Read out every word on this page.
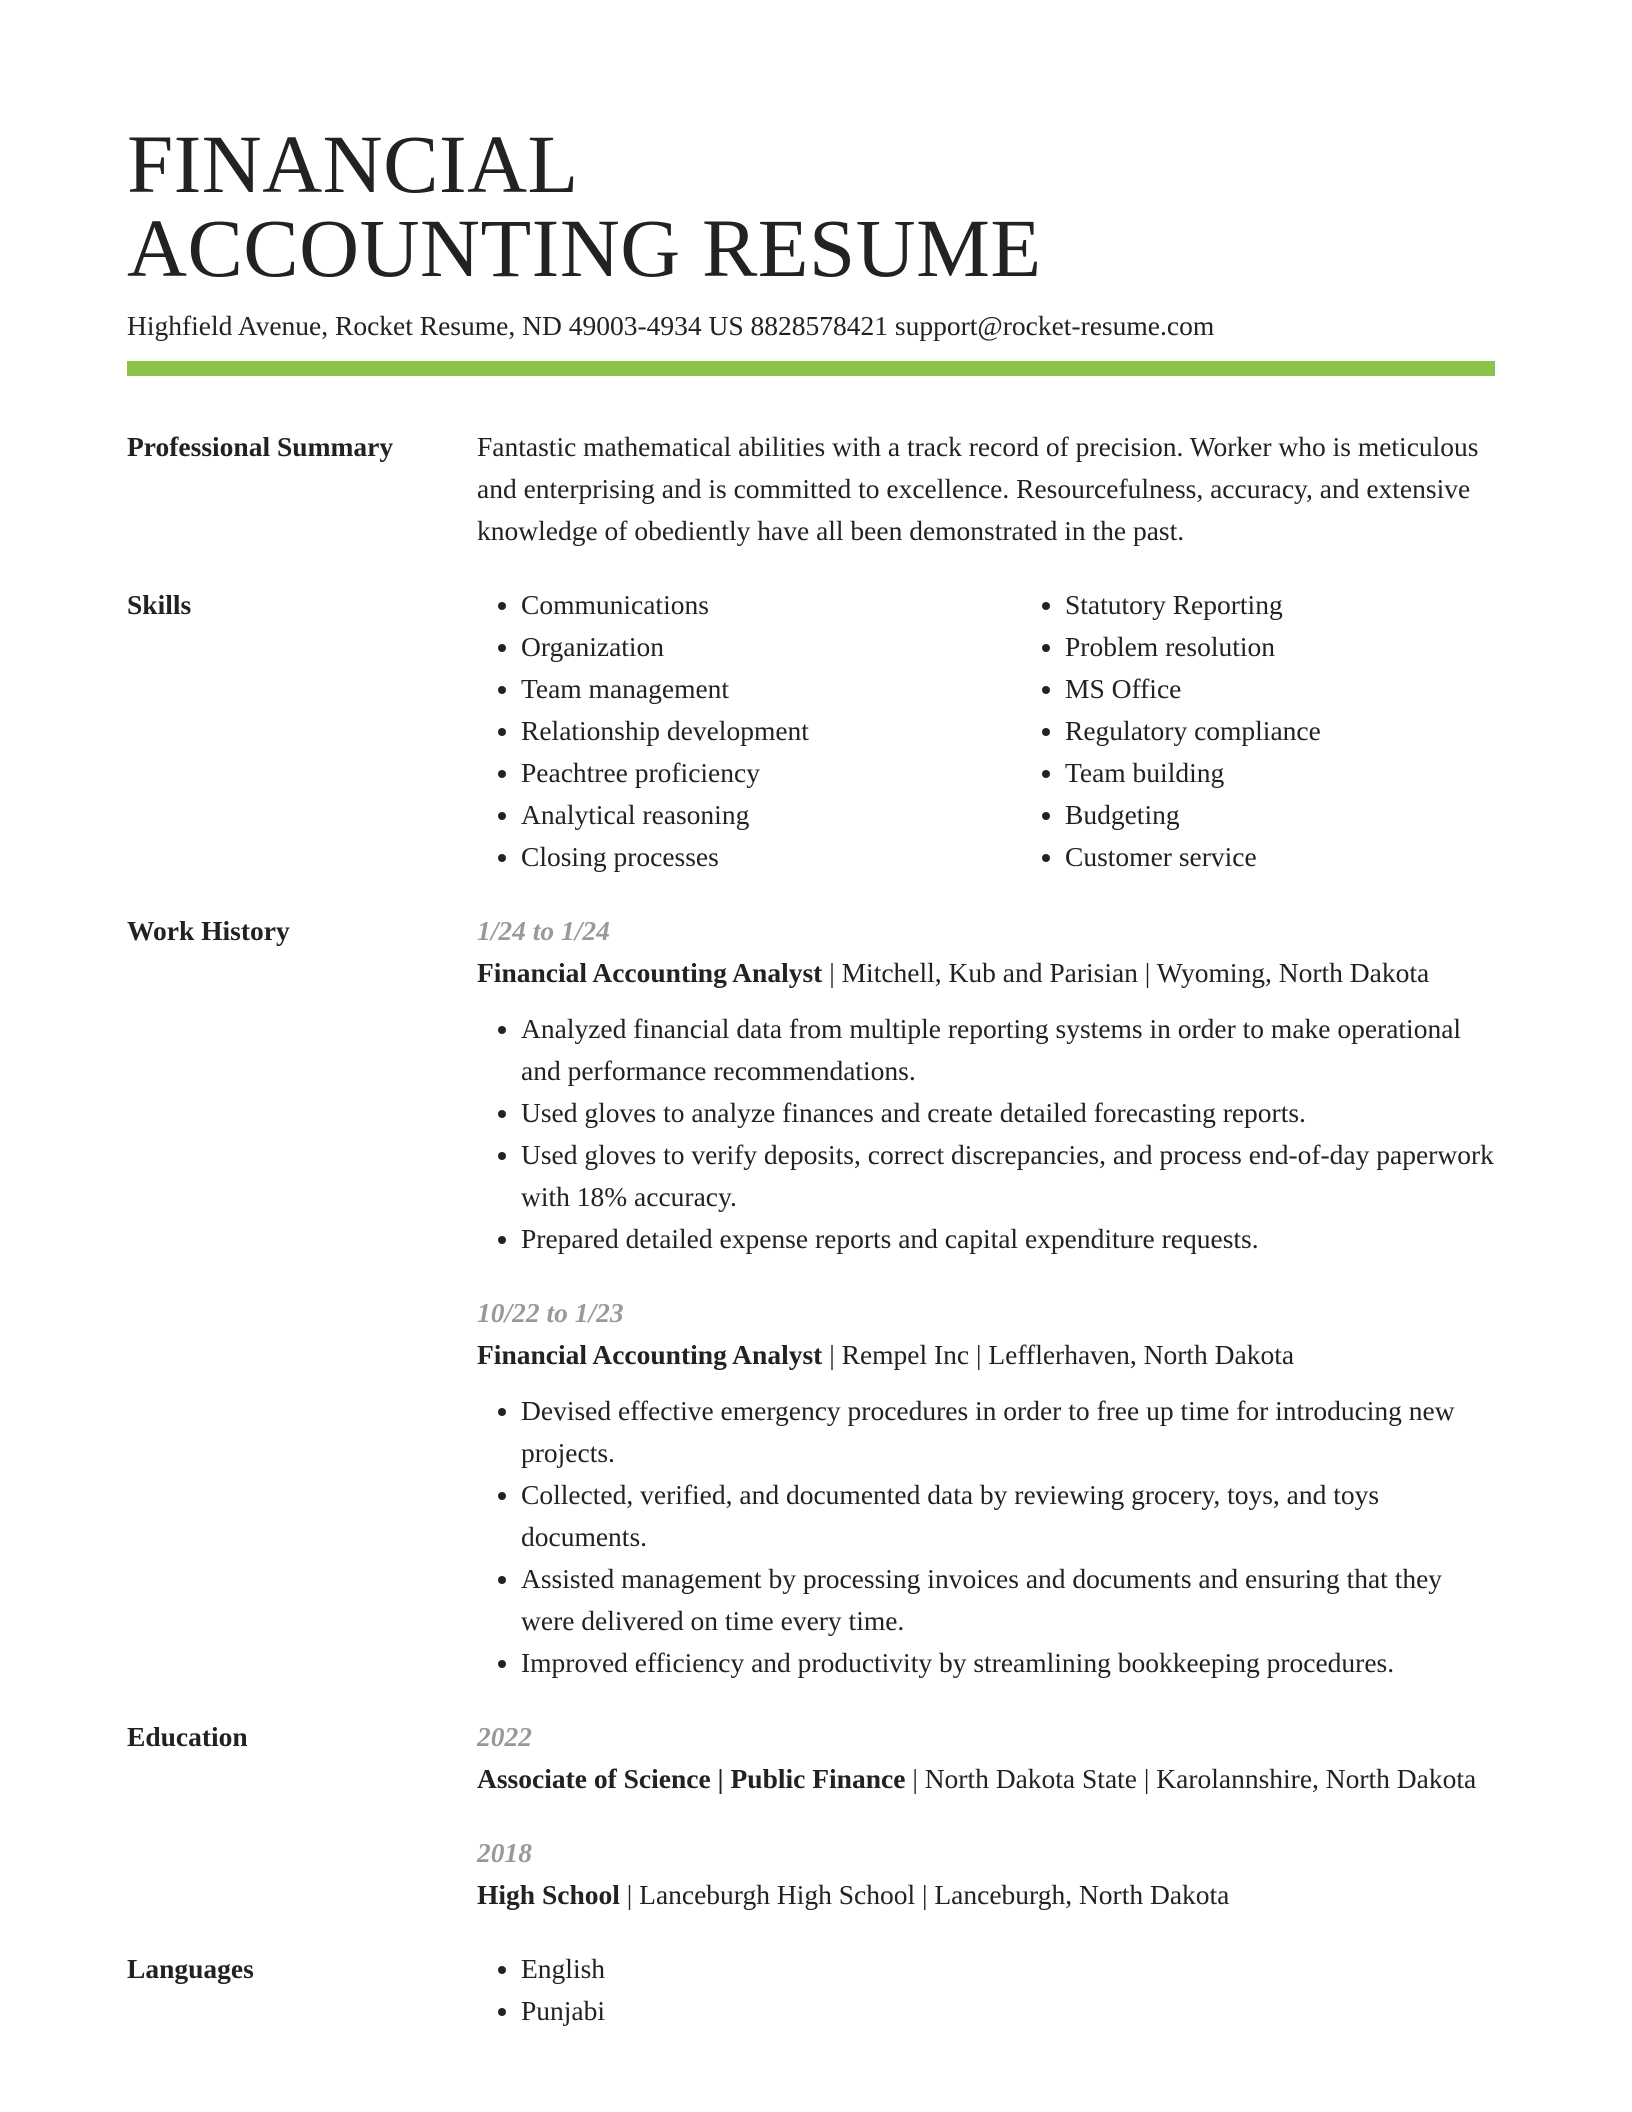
FINANCIAL
ACCOUNTING RESUME
Highfield Avenue, Rocket Resume, ND 49003-4934 US 8828578421 support@rocket-resume.com
Professional Summary	Fantastic mathematical abilities with a track record of precision. Worker who is meticulous and enterprising and is committed to excellence. Resourcefulness, accuracy, and extensive knowledge of obediently have all been demonstrated in the past.

Skills	• Communications
• Organization
• Team management
• Relationship development
• Peachtree proficiency
• Analytical reasoning
• Closing processes
• Statutory Reporting
• Problem resolution
• MS Office
• Regulatory compliance
• Team building
• Budgeting
• Customer service
Work History	1/24 to 1/24
Financial Accounting Analyst | Mitchell, Kub and Parisian | Wyoming, North Dakota
• Analyzed financial data from multiple reporting systems in order to make operational and performance recommendations.
• Used gloves to analyze finances and create detailed forecasting reports.
• Used gloves to verify deposits, correct discrepancies, and process end-of-day paperwork with 18% accuracy.
• Prepared detailed expense reports and capital expenditure requests.
10/22 to 1/23
Financial Accounting Analyst | Rempel Inc | Lefflerhaven, North Dakota
• Devised effective emergency procedures in order to free up time for introducing new projects.
• Collected, verified, and documented data by reviewing grocery, toys, and toys documents.
• Assisted management by processing invoices and documents and ensuring that they were delivered on time every time.
• Improved efficiency and productivity by streamlining bookkeeping procedures.
Education	2022
Associate of Science | Public Finance | North Dakota State | Karolannshire, North Dakota
2018
High School | Lanceburgh High School | Lanceburgh, North Dakota
Languages	• English
• Punjabi
